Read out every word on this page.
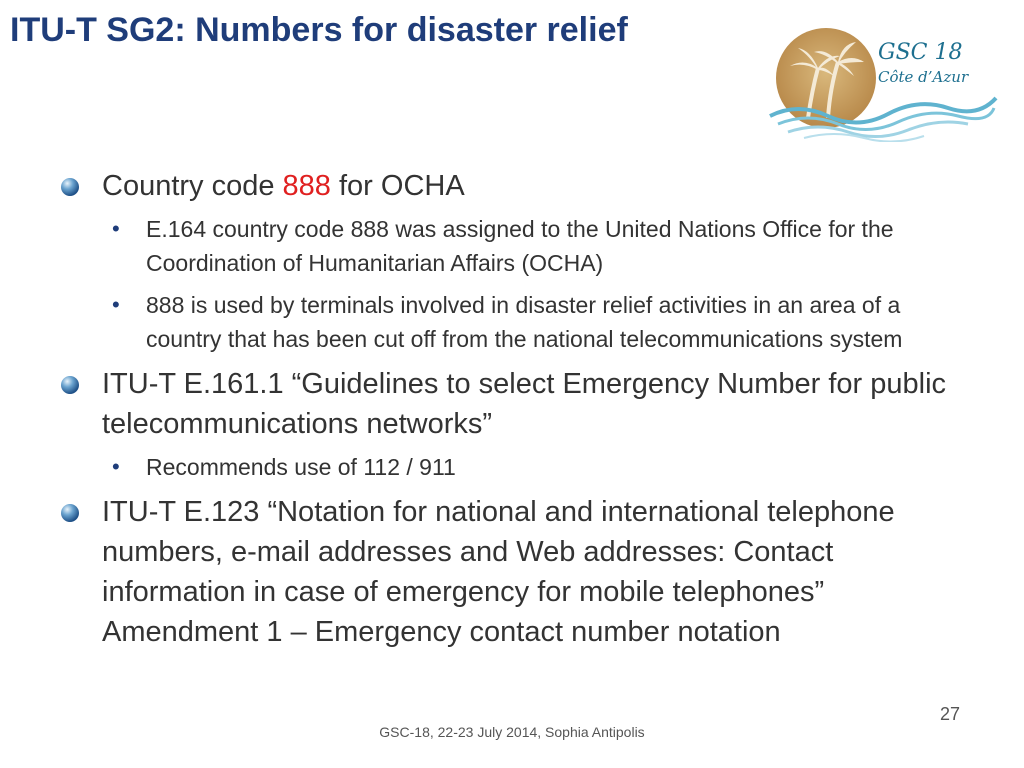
ITU-T SG2: Numbers for disaster relief
GSC 18
Côte d’Azur

Country code 888 for OCHA

• E.164 country code 888 was assigned to the United Nations Office for the Coordination of Humanitarian Affairs (OCHA)

• 888 is used by terminals involved in disaster relief activities in an area of a country that has been cut off from the national telecommunications system

ITU-T E.161.1 “Guidelines to select Emergency Number for public telecommunications networks”

• Recommends use of 112 / 911

ITU-T E.123 “Notation for national and international telephone numbers, e-mail addresses and Web addresses: Contact information in case of emergency for mobile telephones” Amendment 1 – Emergency contact number notation

GSC-18, 22-23 July 2014, Sophia Antipolis
27
